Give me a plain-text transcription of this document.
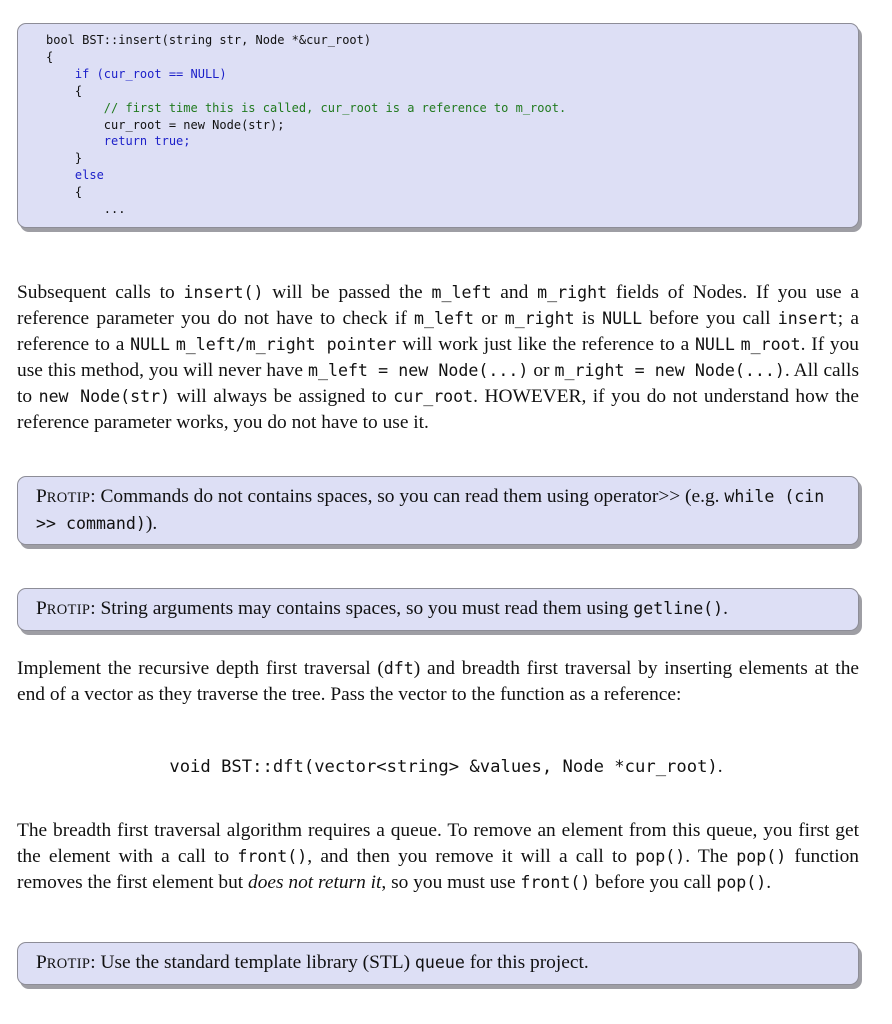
bool BST::insert(string str, Node *&cur_root)
{
if (cur_root == NULL)
{
// first time this is called, cur_root is a reference to m_root.
cur_root = new Node(str);
return true;
}
else
{
...

Subsequent calls to insert() will be passed the m_left and m_right fields of Nodes. If you use a reference parameter you do not have to check if m_left or m_right is NULL before you call insert; a reference to a NULL m_left/m_right pointer will work just like the reference to a NULL m_root. If you use this method, you will never have m_left = new Node(...) or m_right = new Node(...). All calls to new Node(str) will always be assigned to cur_root. HOWEVER, if you do not understand how the reference parameter works, you do not have to use it.

PROTIP: Commands do not contains spaces, so you can read them using operator>> (e.g. while (cin >> command)).
PROTIP: String arguments may contains spaces, so you must read them using getline().

Implement the recursive depth first traversal (dft) and breadth first traversal by inserting elements at the end of a vector as they traverse the tree. Pass the vector to the function as a reference:

void BST::dft(vector<string> &values, Node *cur_root).

The breadth first traversal algorithm requires a queue. To remove an element from this queue, you first get the element with a call to front(), and then you remove it will a call to pop(). The pop() function removes the first element but does not return it, so you must use front() before you call pop().

PROTIP: Use the standard template library (STL) queue for this project.
